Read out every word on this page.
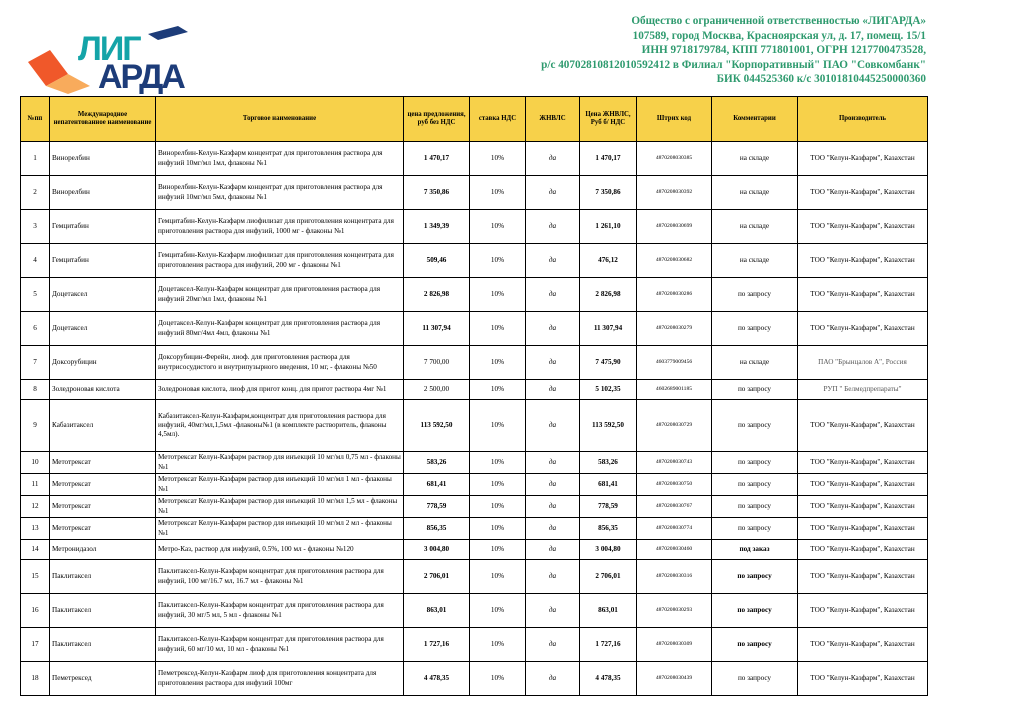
ЛИГ
АРДА
Общество с ограниченной ответственностью «ЛИГАРДА»
107589, город Москва, Красноярская ул, д. 17, помещ. 15/1
ИНН 9718179784, КПП 771801001, ОГРН 1217700473528,
р/с 40702810812010592412 в Филиал "Корпоративный" ПАО "Совкомбанк"
БИК 044525360 к/с 30101810445250000360
№пп	Международное непатентованное наименование	Торговое наименование	цена предложения, руб без НДС	ставка НДС	ЖНВЛС	Цена ЖНВЛС, Руб б/ НДС	Штрих код	Комментарии	Производитель
1	Винорелбин	Винорелбин-Келун-Казфарм концентрат для приготовления раствора для инфузий 10мг/мл 1мл, флаконы №1	1 470,17	10%	да	1 470,17	4870208030385	на складе	ТОО "Келун-Казфарм", Казахстан
2	Винорелбин	Винорелбин-Келун-Казфарм концентрат для приготовления раствора для инфузий 10мг/мл 5мл, флаконы №1	7 350,86	10%	да	7 350,86	4870208030392	на складе	ТОО "Келун-Казфарм", Казахстан
3	Гемцитабин	Гемцитабин-Келун-Казфарм лиофилизат для приготовления концентрата для приготовления раствора для инфузий, 1000 мг - флаконы №1	1 349,39	10%	да	1 261,10	4870208030699	на складе	ТОО "Келун-Казфарм", Казахстан
4	Гемцитабин	Гемцитабин-Келун-Казфарм лиофилизат для приготовления концентрата для приготовления раствора для инфузий, 200 мг - флаконы №1	509,46	10%	да	476,12	4870208030682	на складе	ТОО "Келун-Казфарм", Казахстан
5	Доцетаксел	Доцетаксел-Келун-Казфарм концентрат для приготовления раствора для инфузий 20мг/мл 1мл, флаконы №1	2 826,98	10%	да	2 826,98	4870208030286	по запросу	ТОО "Келун-Казфарм", Казахстан
6	Доцетаксел	Доцетаксел-Келун-Казфарм концентрат для приготовления раствора для инфузий 80мг/4мл 4мл, флаконы №1	11 307,94	10%	да	11 307,94	4870208030279	по запросу	ТОО "Келун-Казфарм", Казахстан
7	Доксорубицин	Доксорубицин-Ферейн, лиоф. для приготовления раствора для внутрисосудистого и внутрипузырного введения, 10 мг, - флаконы №50	7 700,00	10%	да	7 475,90	4603779009456	на складе	ПАО "Брынцалов А", Россия
8	Золедроновая кислота	Золедроновая кислота, лиоф для пригот конц. для пригот раствора 4мг №1	2 500,00	10%	да	5 102,35	4602689001185	по запросу	РУП " Белмедпрепараты"
9	Кабазитаксел	Кабазитаксел-Келун-Казфарм,концентрат для приготовления раствора для инфузий, 40мг/мл,1,5мл -флаконы№1 (в комплекте растворитель, флаконы 4,5мл).	113 592,50	10%	да	113 592,50	4870208030729	по запросу	ТОО "Келун-Казфарм", Казахстан
10	Метотрексат	Метотрексат Келун-Казфарм раствор для инъекций 10 мг/мл 0,75 мл - флаконы №1	583,26	10%	да	583,26	4870208030743	по запросу	ТОО "Келун-Казфарм", Казахстан
11	Метотрексат	Метотрексат Келун-Казфарм раствор для инъекций 10 мг/мл 1 мл - флаконы №1	681,41	10%	да	681,41	4870208030750	по запросу	ТОО "Келун-Казфарм", Казахстан
12	Метотрексат	Метотрексат Келун-Казфарм раствор для инъекций 10 мг/мл 1,5 мл - флаконы №1	778,59	10%	да	778,59	4870208030767	по запросу	ТОО "Келун-Казфарм", Казахстан
13	Метотрексат	Метотрексат Келун-Казфарм раствор для инъекций 10 мг/мл 2 мл - флаконы №1	856,35	10%	да	856,35	4870208030774	по запросу	ТОО "Келун-Казфарм", Казахстан
14	Метронидазол	Метро-Каз, раствор для инфузий, 0.5%, 100 мл - флаконы №120	3 004,80	10%	да	3 004,80	4870208030460	под заказ	ТОО "Келун-Казфарм", Казахстан
15	Паклитаксел	Паклитаксел-Келун-Казфарм концентрат для приготовления раствора для инфузий, 100 мг/16.7 мл, 16.7 мл - флаконы №1	2 706,01	10%	да	2 706,01	4870208030316	по запросу	ТОО "Келун-Казфарм", Казахстан
16	Паклитаксел	Паклитаксел-Келун-Казфарм концентрат для приготовления раствора для инфузий, 30 мг/5 мл, 5 мл - флаконы №1	863,01	10%	да	863,01	4870208030293	по запросу	ТОО "Келун-Казфарм", Казахстан
17	Паклитаксел	Паклитаксел-Келун-Казфарм концентрат для приготовления раствора для инфузий, 60 мг/10 мл, 10 мл - флаконы №1	1 727,16	10%	да	1 727,16	4870208030309	по запросу	ТОО "Келун-Казфарм", Казахстан
18	Пеметрексед	Пеметрексед-Келун-Казфарм лиоф для приготовления концентрата для приготовления раствора для инфузий 100мг	4 478,35	10%	да	4 478,35	4870208030439	по запросу	ТОО "Келун-Казфарм", Казахстан
